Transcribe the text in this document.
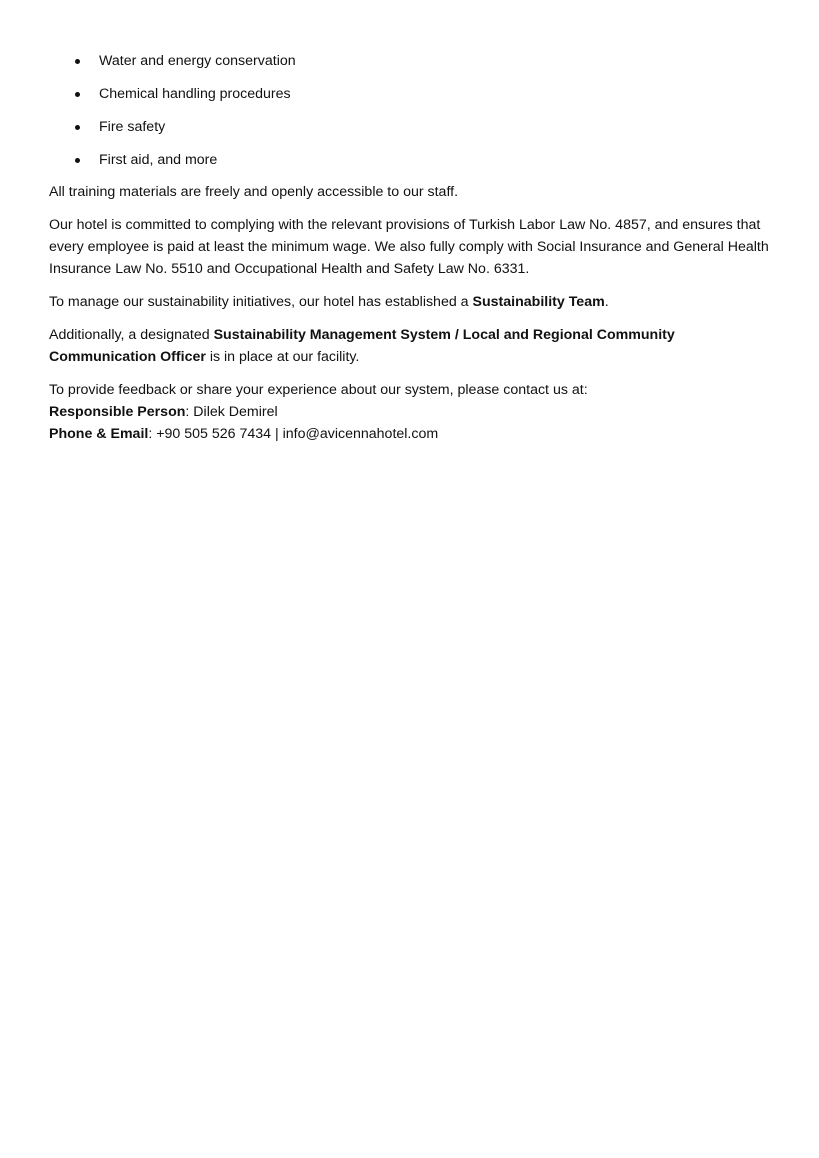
Water and energy conservation
Chemical handling procedures
Fire safety
First aid, and more

All training materials are freely and openly accessible to our staff.

Our hotel is committed to complying with the relevant provisions of Turkish Labor Law No. 4857, and ensures that every employee is paid at least the minimum wage. We also fully comply with Social Insurance and General Health Insurance Law No. 5510 and Occupational Health and Safety Law No. 6331.

To manage our sustainability initiatives, our hotel has established a Sustainability Team.

Additionally, a designated Sustainability Management System / Local and Regional Community Communication Officer is in place at our facility.

To provide feedback or share your experience about our system, please contact us at:
Responsible Person: Dilek Demirel
Phone & Email: +90 505 526 7434 | info@avicennahotel.com
